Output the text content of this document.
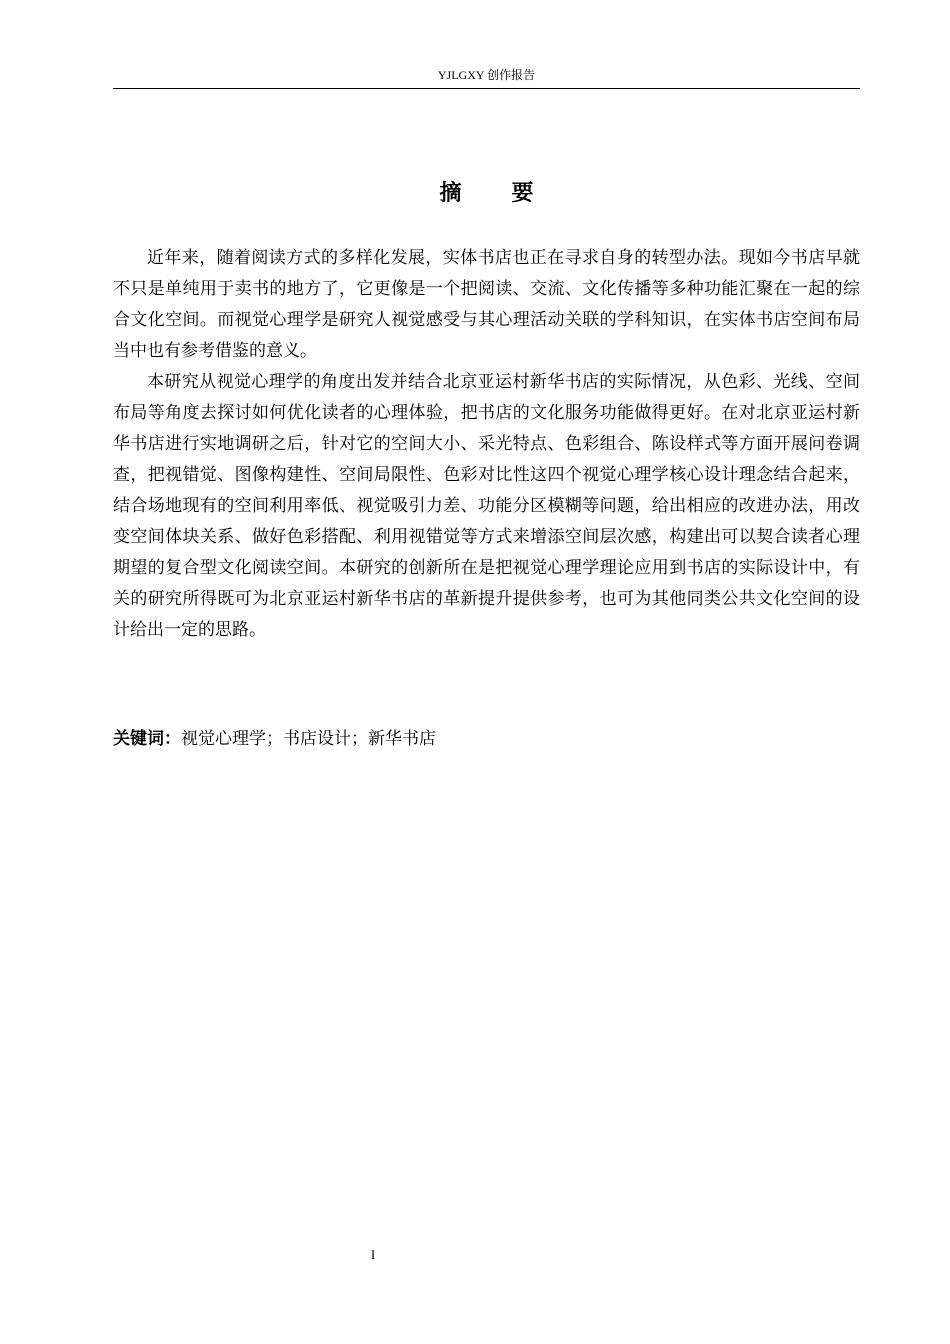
YJLGXY 创作报告
摘要

近年来，随着阅读方式的多样化发展，实体书店也正在寻求自身的转型办法。现如今书店早就不只是单纯用于卖书的地方了，它更像是一个把阅读、交流、文化传播等多种功能汇聚在一起的综合文化空间。而视觉心理学是研究人视觉感受与其心理活动关联的学科知识，在实体书店空间布局当中也有参考借鉴的意义。

本研究从视觉心理学的角度出发并结合北京亚运村新华书店的实际情况，从色彩、光线、空间布局等角度去探讨如何优化读者的心理体验，把书店的文化服务功能做得更好。在对北京亚运村新华书店进行实地调研之后，针对它的空间大小、采光特点、色彩组合、陈设样式等方面开展问卷调查，把视错觉、图像构建性、空间局限性、色彩对比性这四个视觉心理学核心设计理念结合起来，结合场地现有的空间利用率低、视觉吸引力差、功能分区模糊等问题，给出相应的改进办法，用改变空间体块关系、做好色彩搭配、利用视错觉等方式来增添空间层次感，构建出可以契合读者心理期望的复合型文化阅读空间。本研究的创新所在是把视觉心理学理论应用到书店的实际设计中，有关的研究所得既可为北京亚运村新华书店的革新提升提供参考，也可为其他同类公共文化空间的设计给出一定的思路。

关键词：视觉心理学；书店设计；新华书店
I
